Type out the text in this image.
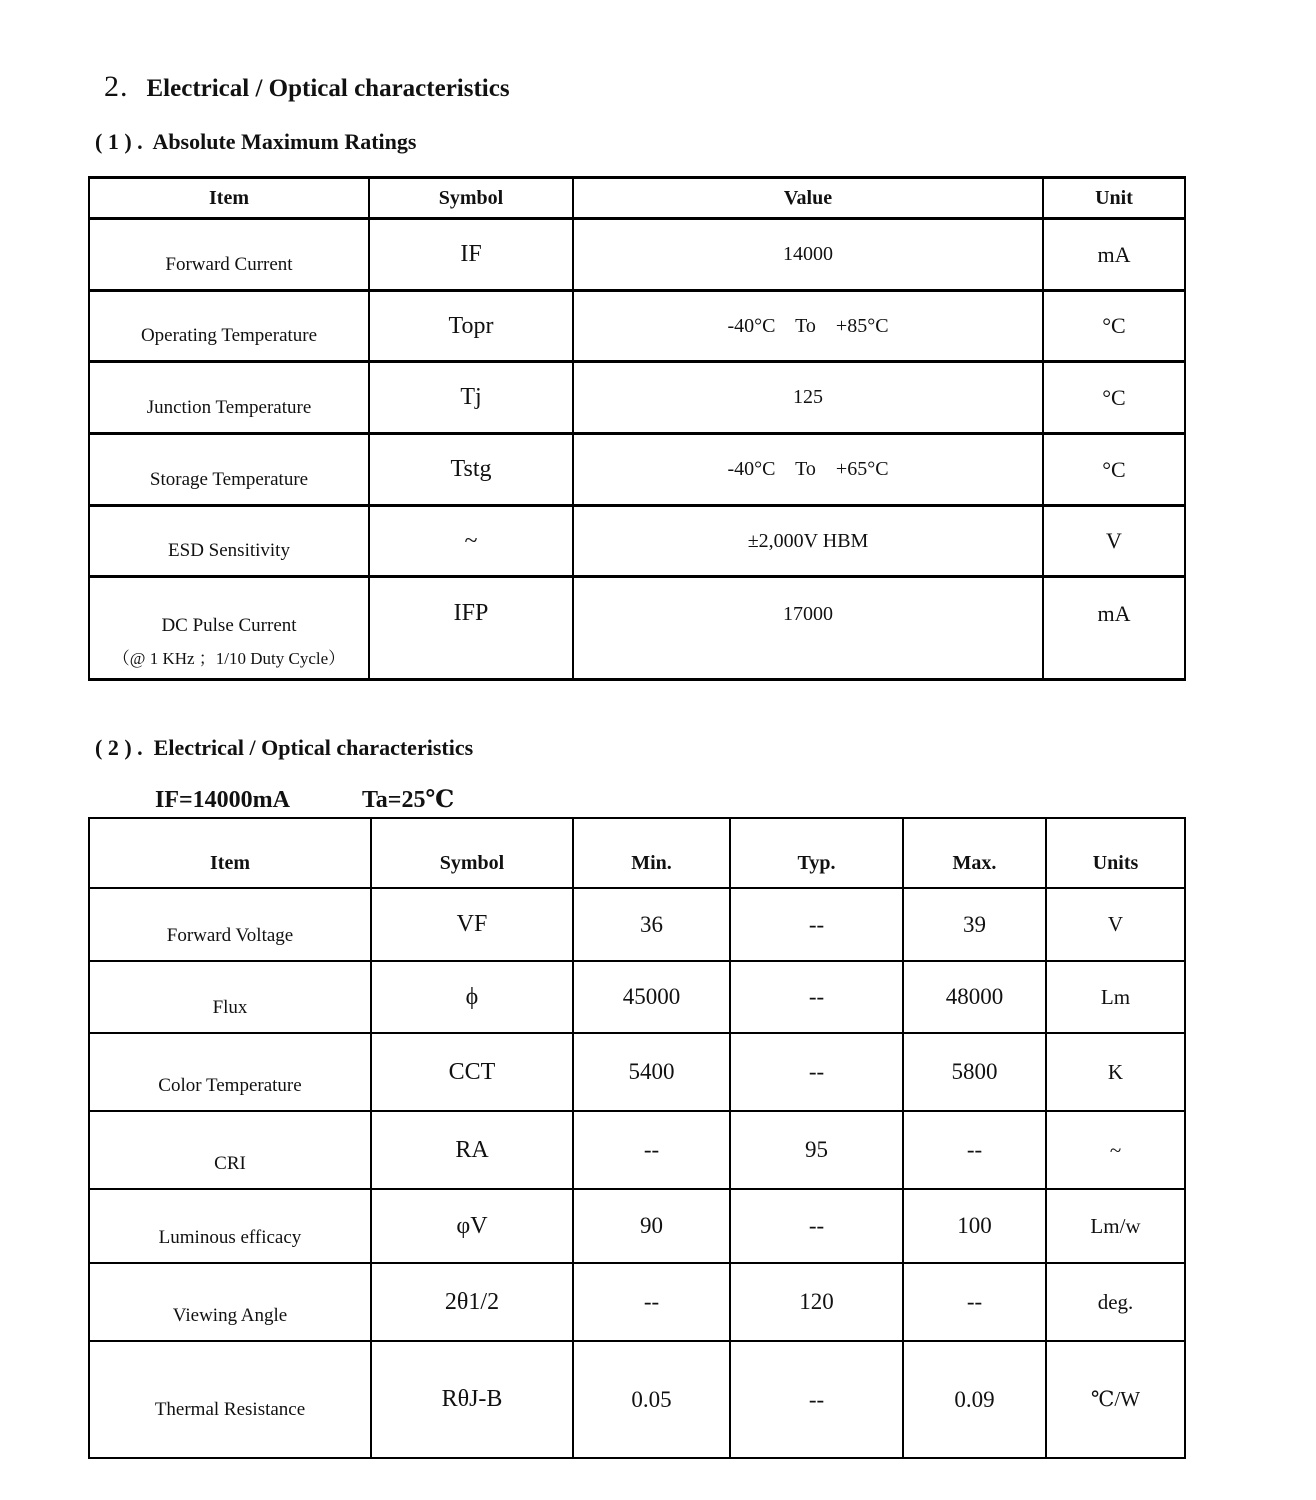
2. Electrical / Optical characteristics

( 1 ) .  Absolute Maximum Ratings
Item	Symbol	Value	Unit
Forward Current	IF	14000	mA
Operating Temperature	Topr	-40°C    To    +85°C	°C
Junction Temperature	Tj	125	°C
Storage Temperature	Tstg	-40°C    To    +65°C	°C
ESD Sensitivity	~	±2,000V HBM	V

DC Pulse Current
（@ 1 KHz ；1/10 Duty Cycle）	IFP	17000	mA
( 2 ) .  Electrical / Optical characteristics
IF=14000mA	Ta=25℃
Item	Symbol	Min.	Typ.	Max.	Units
Forward Voltage	VF	36	--	39	V
Flux	ϕ	45000	--	48000	Lm
Color Temperature	CCT	5400	--	5800	K
CRI	RA	--	95	--	~
Luminous efficacy	φV	90	--	100	Lm/w
Viewing Angle	2θ1/2	--	120	--	deg.
Thermal Resistance	RθJ-B	0.05	--	0.09	℃/W
